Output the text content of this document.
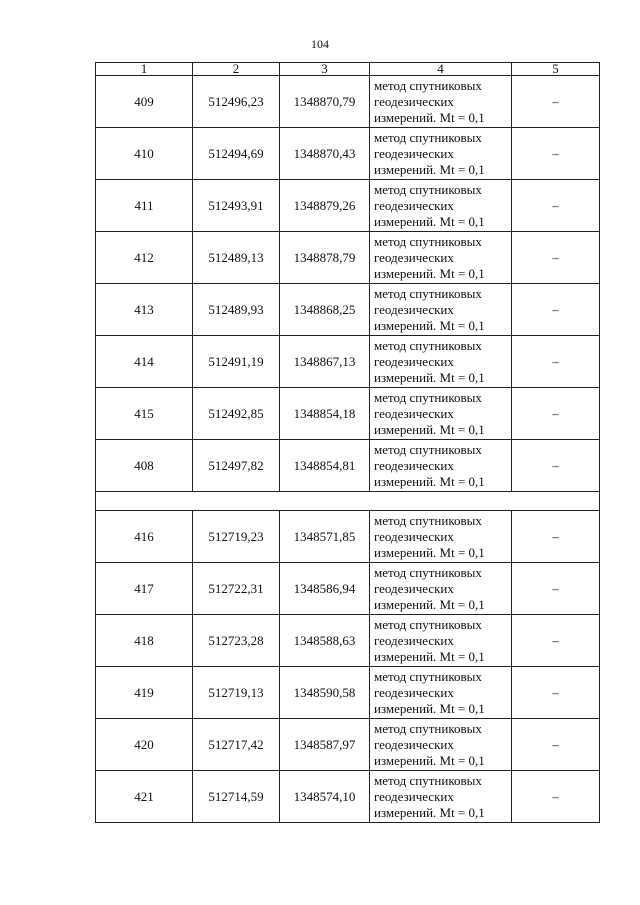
104
1	2	3	4	5
409	512496,23	1348870,79	метод спутниковых
геодезических
измерений. Mt = 0,1	–
410	512494,69	1348870,43	метод спутниковых
геодезических
измерений. Mt = 0,1	–
411	512493,91	1348879,26	метод спутниковых
геодезических
измерений. Mt = 0,1	–
412	512489,13	1348878,79	метод спутниковых
геодезических
измерений. Mt = 0,1	–
413	512489,93	1348868,25	метод спутниковых
геодезических
измерений. Mt = 0,1	–
414	512491,19	1348867,13	метод спутниковых
геодезических
измерений. Mt = 0,1	–
415	512492,85	1348854,18	метод спутниковых
геодезических
измерений. Mt = 0,1	–
408	512497,82	1348854,81	метод спутниковых
геодезических
измерений. Mt = 0,1	–

416	512719,23	1348571,85	метод спутниковых
геодезических
измерений. Mt = 0,1	–
417	512722,31	1348586,94	метод спутниковых
геодезических
измерений. Mt = 0,1	–
418	512723,28	1348588,63	метод спутниковых
геодезических
измерений. Mt = 0,1	–
419	512719,13	1348590,58	метод спутниковых
геодезических
измерений. Mt = 0,1	–
420	512717,42	1348587,97	метод спутниковых
геодезических
измерений. Mt = 0,1	–
421	512714,59	1348574,10	метод спутниковых
геодезических
измерений. Mt = 0,1	–
